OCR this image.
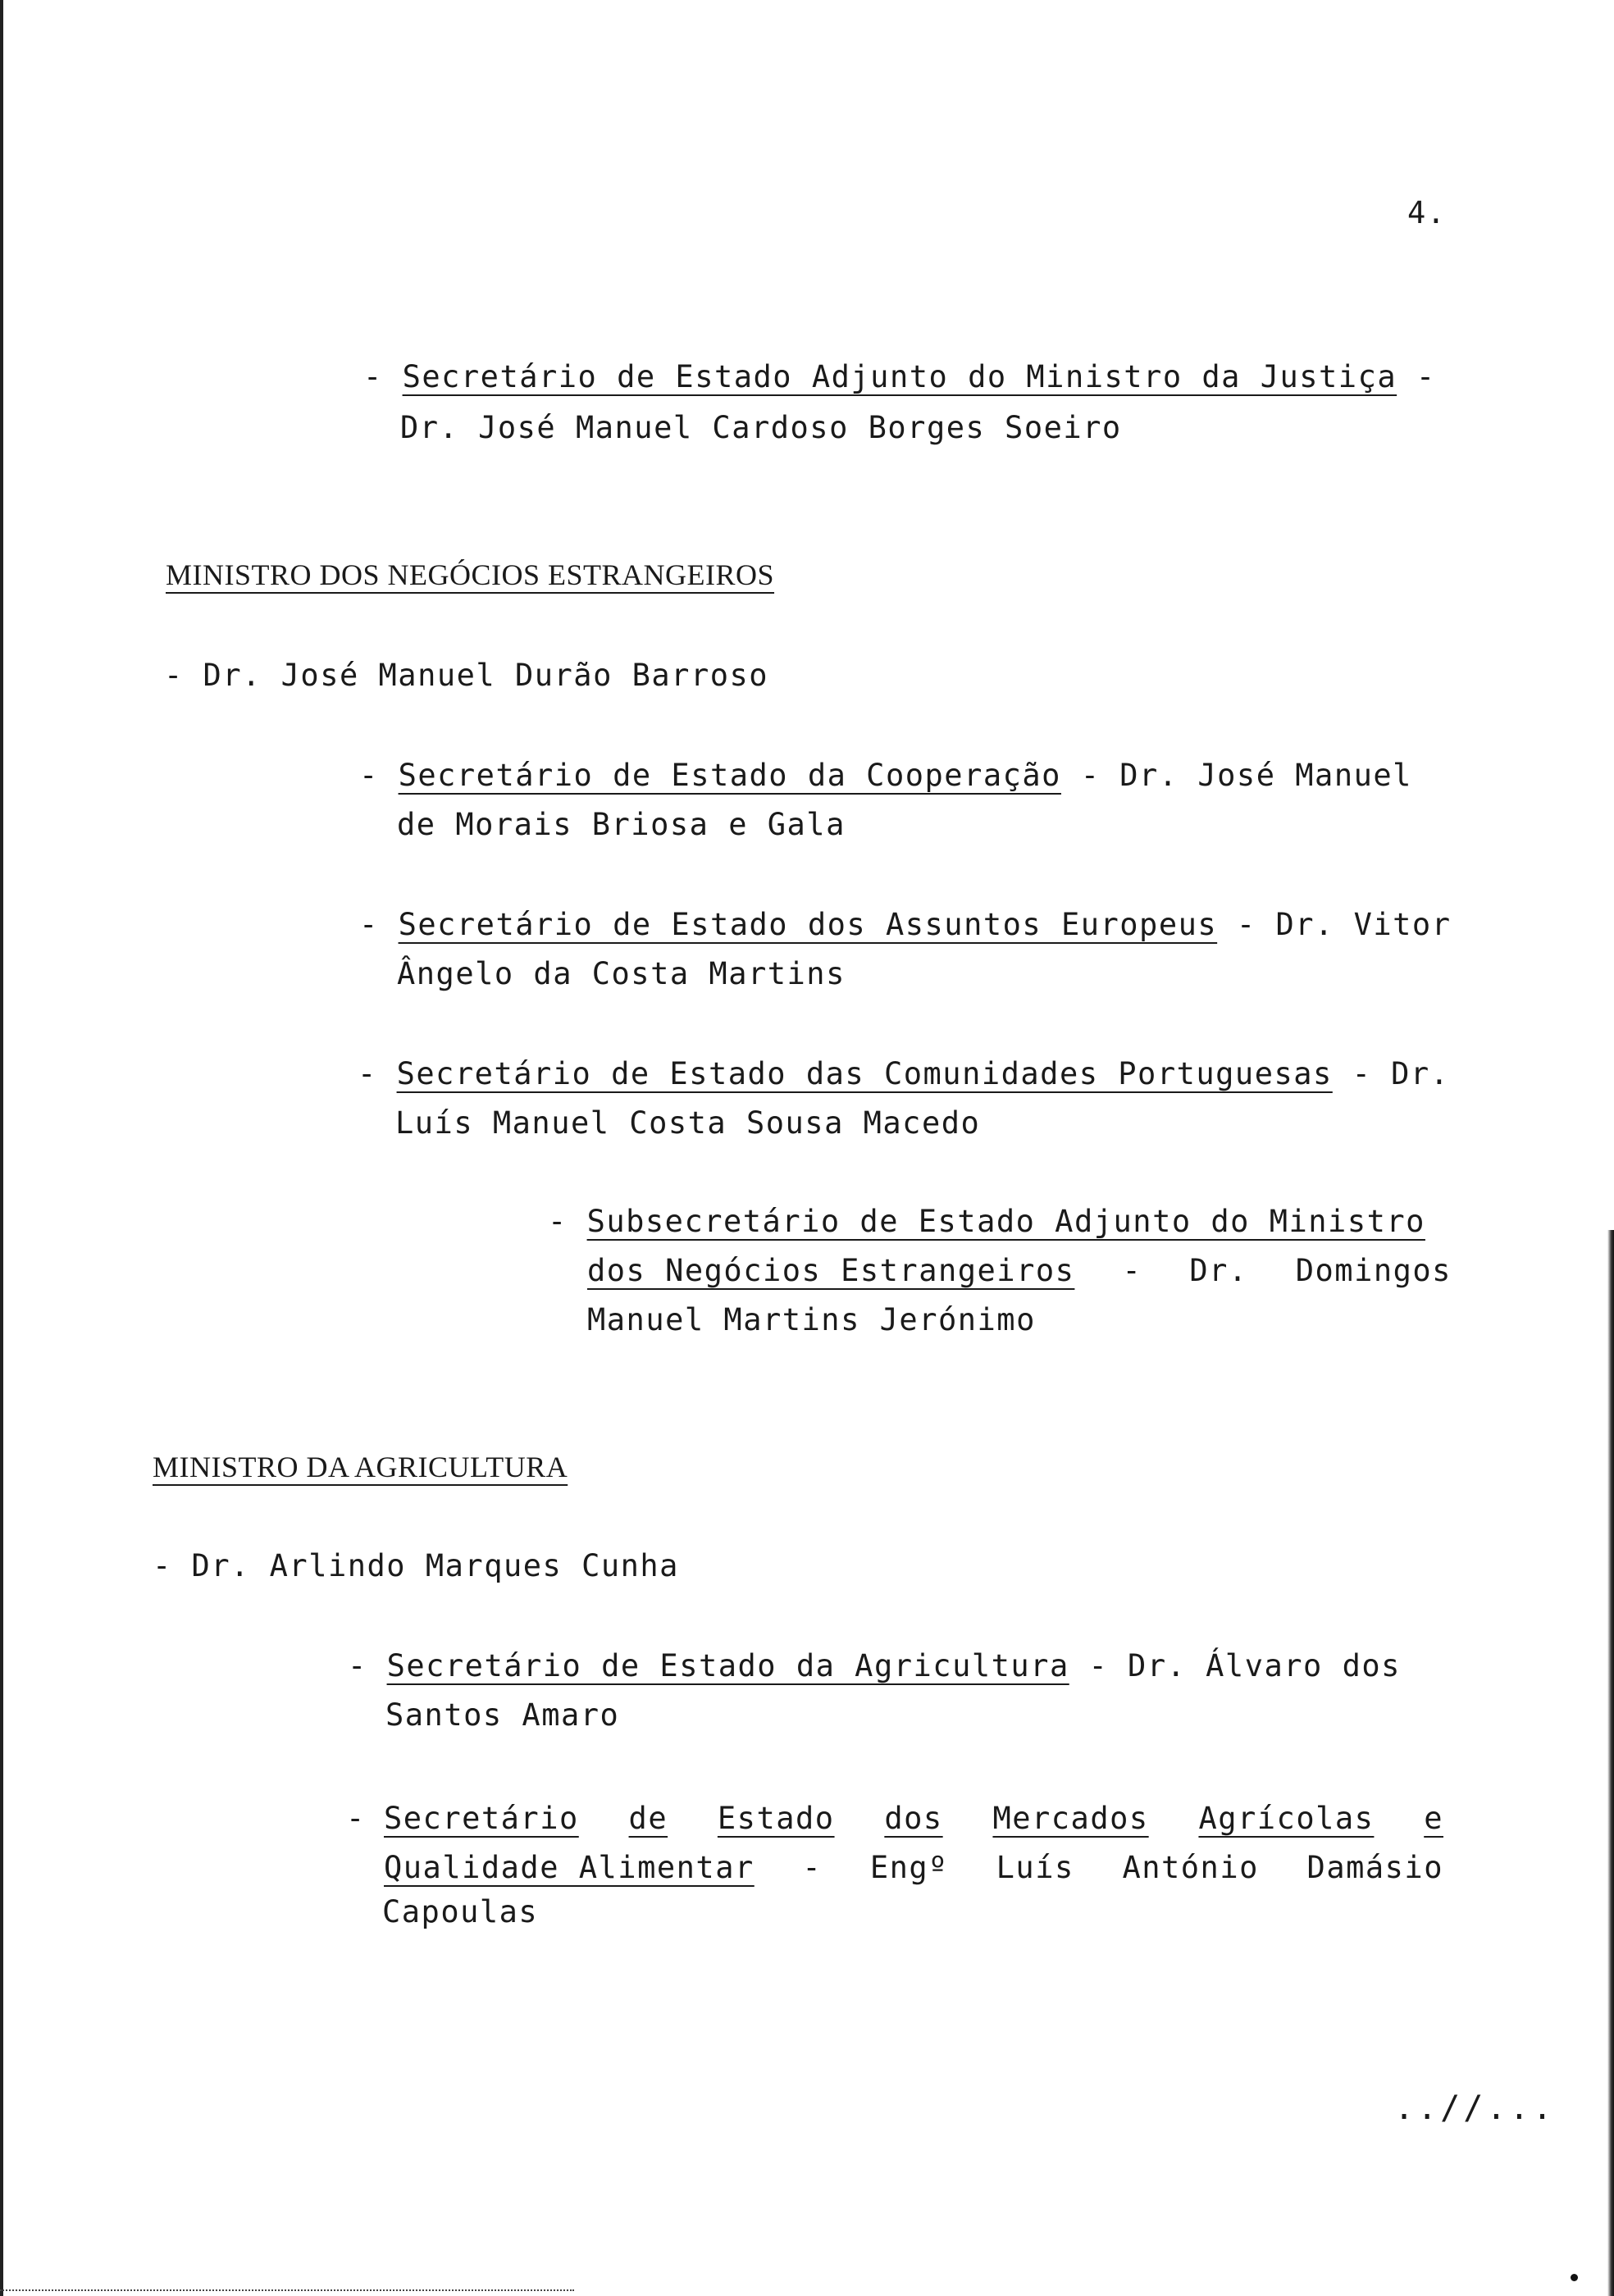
4.
- Secretário de Estado Adjunto do Ministro da Justiça -
Dr. José Manuel Cardoso Borges Soeiro
MINISTRO DOS NEGÓCIOS ESTRANGEIROS
- Dr. José Manuel Durão Barroso
- Secretário de Estado da Cooperação - Dr. José Manuel
de Morais Briosa e Gala
- Secretário de Estado dos Assuntos Europeus - Dr. Vitor
Ângelo da Costa Martins
- Secretário de Estado das Comunidades Portuguesas - Dr.
Luís Manuel Costa Sousa Macedo
- Subsecretário de Estado Adjunto do Ministro
dos Negócios Estrangeiros - Dr. Domingos
Manuel Martins Jerónimo
MINISTRO DA AGRICULTURA
- Dr. Arlindo Marques Cunha
- Secretário de Estado da Agricultura - Dr. Álvaro dos
Santos Amaro
- Secretário de Estado dos Mercados Agrícolas e
Qualidade Alimentar - Engº Luís António Damásio
Capoulas
..//...
